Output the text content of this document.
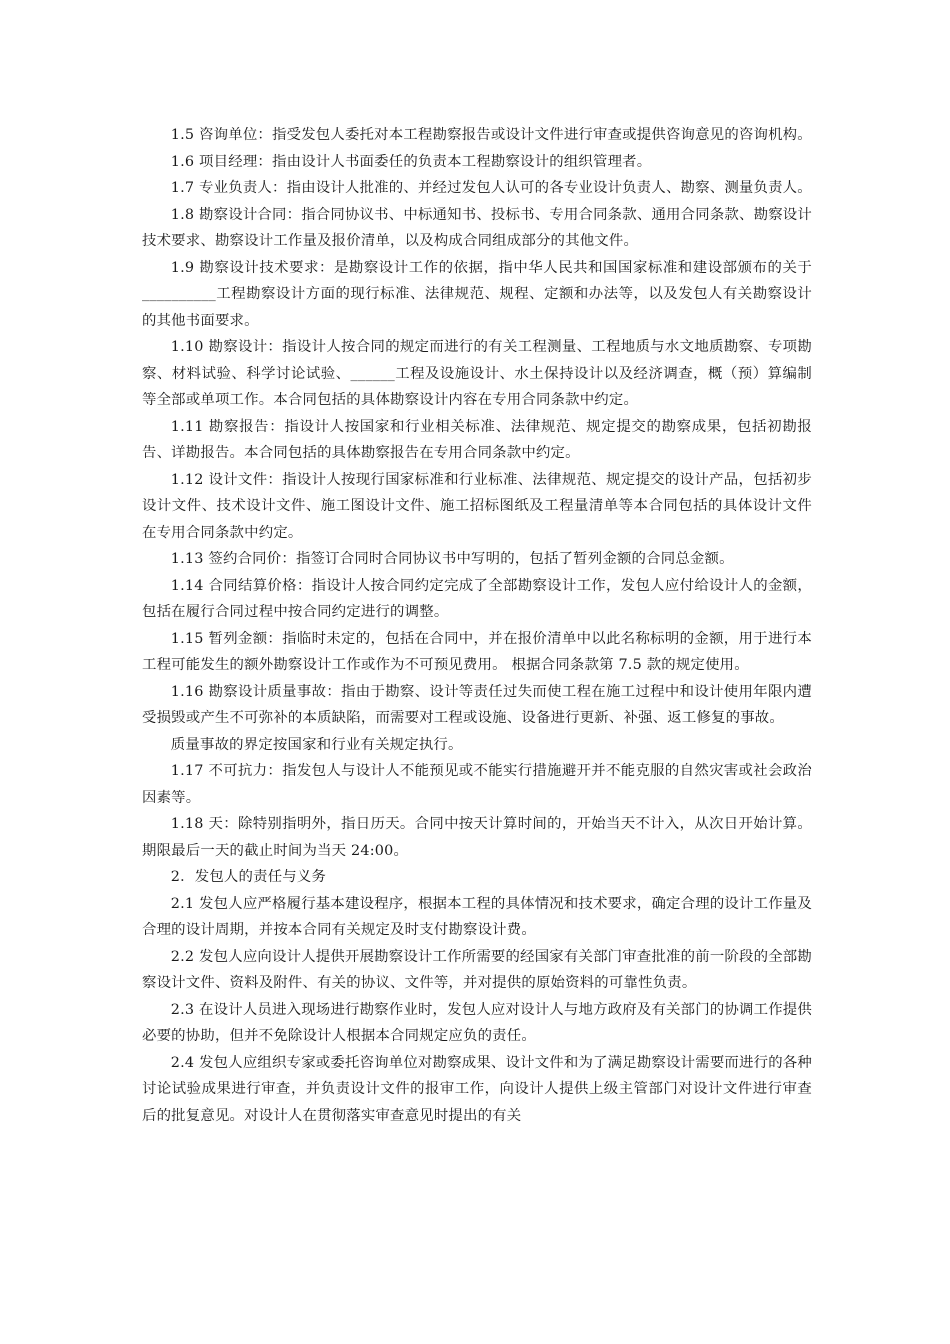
1.5 咨询单位：指受发包人委托对本工程勘察报告或设计文件进行审查或提供咨询意见的咨询机构。

1.6 项目经理：指由设计人书面委任的负责本工程勘察设计的组织管理者。

1.7 专业负责人：指由设计人批准的、并经过发包人认可的各专业设计负责人、勘察、测量负责人。

1.8 勘察设计合同：指合同协议书、中标通知书、投标书、专用合同条款、通用合同条款、勘察设计技术要求、勘察设计工作量及报价清单，以及构成合同组成部分的其他文件。

1.9 勘察设计技术要求：是勘察设计工作的依据，指中华人民共和国国家标准和建设部颁布的关于__________工程勘察设计方面的现行标准、法律规范、规程、定额和办法等，以及发包人有关勘察设计的其他书面要求。

1.10 勘察设计：指设计人按合同的规定而进行的有关工程测量、工程地质与水文地质勘察、专项勘察、材料试验、科学讨论试验、______工程及设施设计、水土保持设计以及经济调查，概（预）算编制等全部或单项工作。本合同包括的具体勘察设计内容在专用合同条款中约定。

1.11 勘察报告：指设计人按国家和行业相关标准、法律规范、规定提交的勘察成果，包括初勘报告、详勘报告。本合同包括的具体勘察报告在专用合同条款中约定。

1.12 设计文件：指设计人按现行国家标准和行业标准、法律规范、规定提交的设计产品，包括初步设计文件、技术设计文件、施工图设计文件、施工招标图纸及工程量清单等本合同包括的具体设计文件在专用合同条款中约定。

1.13 签约合同价：指签订合同时合同协议书中写明的，包括了暂列金额的合同总金额。

1.14 合同结算价格：指设计人按合同约定完成了全部勘察设计工作，发包人应付给设计人的金额，包括在履行合同过程中按合同约定进行的调整。

1.15 暂列金额：指临时未定的，包括在合同中，并在报价清单中以此名称标明的金额，用于进行本工程可能发生的额外勘察设计工作或作为不可预见费用。 根据合同条款第 7.5 款的规定使用。

1.16 勘察设计质量事故：指由于勘察、设计等责任过失而使工程在施工过程中和设计使用年限内遭受损毁或产生不可弥补的本质缺陷，而需要对工程或设施、设备进行更新、补强、返工修复的事故。

质量事故的界定按国家和行业有关规定执行。

1.17 不可抗力：指发包人与设计人不能预见或不能实行措施避开并不能克服的自然灾害或社会政治因素等。

1.18 天：除特别指明外，指日历天。合同中按天计算时间的，开始当天不计入，从次日开始计算。期限最后一天的截止时间为当天 24:00。

2．发包人的责任与义务

2.1 发包人应严格履行基本建设程序，根据本工程的具体情况和技术要求，确定合理的设计工作量及合理的设计周期，并按本合同有关规定及时支付勘察设计费。

2.2 发包人应向设计人提供开展勘察设计工作所需要的经国家有关部门审查批准的前一阶段的全部勘察设计文件、资料及附件、有关的协议、文件等，并对提供的原始资料的可靠性负责。

2.3 在设计人员进入现场进行勘察作业时，发包人应对设计人与地方政府及有关部门的协调工作提供必要的协助，但并不免除设计人根据本合同规定应负的责任。

2.4 发包人应组织专家或委托咨询单位对勘察成果、设计文件和为了满足勘察设计需要而进行的各种讨论试验成果进行审查，并负责设计文件的报审工作，向设计人提供上级主管部门对设计文件进行审查后的批复意见。对设计人在贯彻落实审查意见时提出的有关
